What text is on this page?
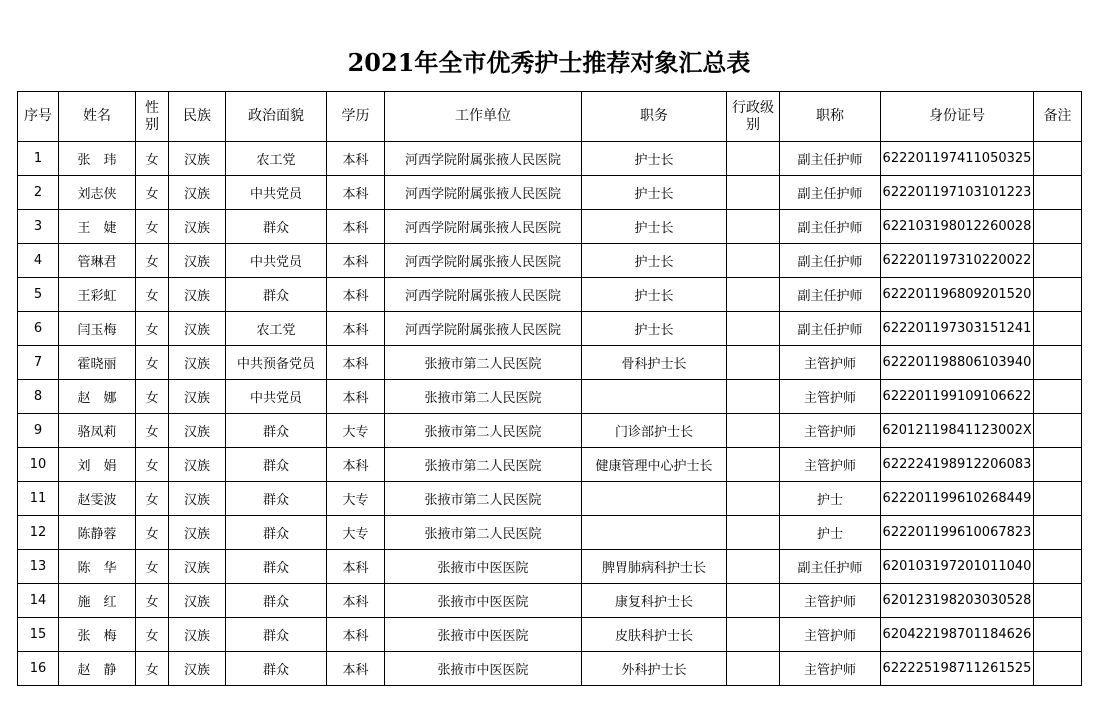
2021年全市优秀护士推荐对象汇总表
序号	姓名	性别	民族	政治面貌	学历	工作单位	职务	行政级别	职称	身份证号	备注
1	张　玮	女	汉族	农工党	本科	河西学院附属张掖人民医院	护士长		副主任护师	622201197411050325	
2	刘志侠	女	汉族	中共党员	本科	河西学院附属张掖人民医院	护士长		副主任护师	622201197103101223	
3	王　婕	女	汉族	群众	本科	河西学院附属张掖人民医院	护士长		副主任护师	622103198012260028	
4	管琳君	女	汉族	中共党员	本科	河西学院附属张掖人民医院	护士长		副主任护师	622201197310220022	
5	王彩虹	女	汉族	群众	本科	河西学院附属张掖人民医院	护士长		副主任护师	622201196809201520	
6	闫玉梅	女	汉族	农工党	本科	河西学院附属张掖人民医院	护士长		副主任护师	622201197303151241	
7	霍晓丽	女	汉族	中共预备党员	本科	张掖市第二人民医院	骨科护士长		主管护师	622201198806103940	
8	赵　娜	女	汉族	中共党员	本科	张掖市第二人民医院			主管护师	622201199109106622	
9	骆凤莉	女	汉族	群众	大专	张掖市第二人民医院	门诊部护士长		主管护师	62012119841123002X	
10	刘　娟	女	汉族	群众	本科	张掖市第二人民医院	健康管理中心护士长		主管护师	622224198912206083	
11	赵雯波	女	汉族	群众	大专	张掖市第二人民医院			护士	622201199610268449	
12	陈静蓉	女	汉族	群众	大专	张掖市第二人民医院			护士	622201199610067823	
13	陈　华	女	汉族	群众	本科	张掖市中医医院	脾胃肺病科护士长		副主任护师	620103197201011040	
14	施　红	女	汉族	群众	本科	张掖市中医医院	康复科护士长		主管护师	620123198203030528	
15	张　梅	女	汉族	群众	本科	张掖市中医医院	皮肤科护士长		主管护师	620422198701184626	
16	赵　静	女	汉族	群众	本科	张掖市中医医院	外科护士长		主管护师	622225198711261525	
